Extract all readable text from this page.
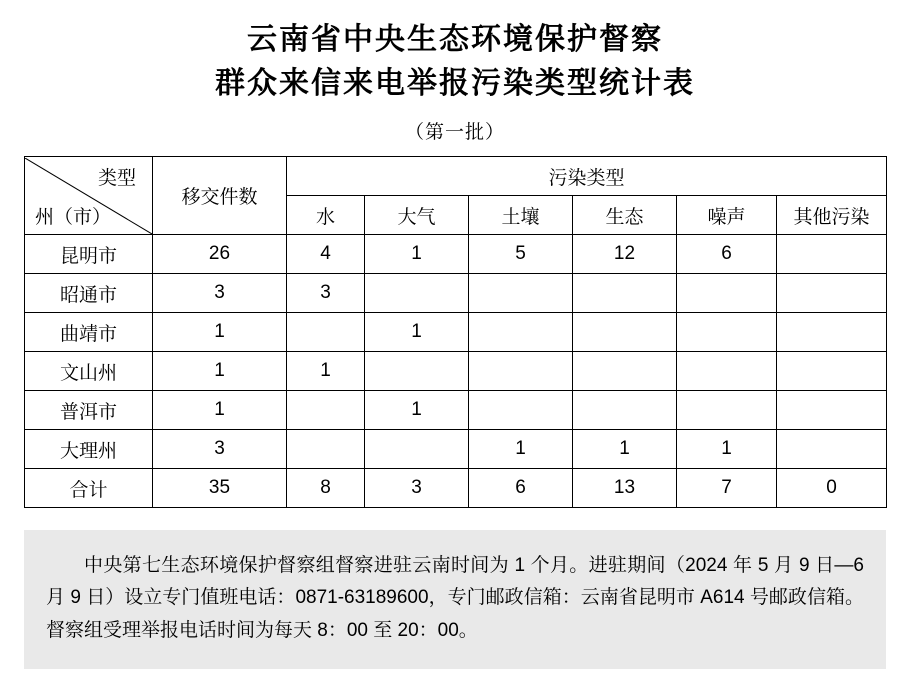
云南省中央生态环境保护督察
群众来信来电举报污染类型统计表
（第一批）
类型
州（市）	移交件数	污染类型					
		水	大气	土壤	生态	噪声	其他污染
昆明市	26	4	1	5	12	6	
昭通市	3	3					
曲靖市	1		1				
文山州	1	1					
普洱市	1		1				
大理州	3			1	1	1	
合计	35	8	3	6	13	7	0

中央第七生态环境保护督察组督察进驻云南时间为 1 个月。进驻期间（2024 年 5 月 9 日—6 月 9 日）设立专门值班电话：0871-63189600，专门邮政信箱：云南省昆明市 A614 号邮政信箱。督察组受理举报电话时间为每天 8：00 至 20：00。
